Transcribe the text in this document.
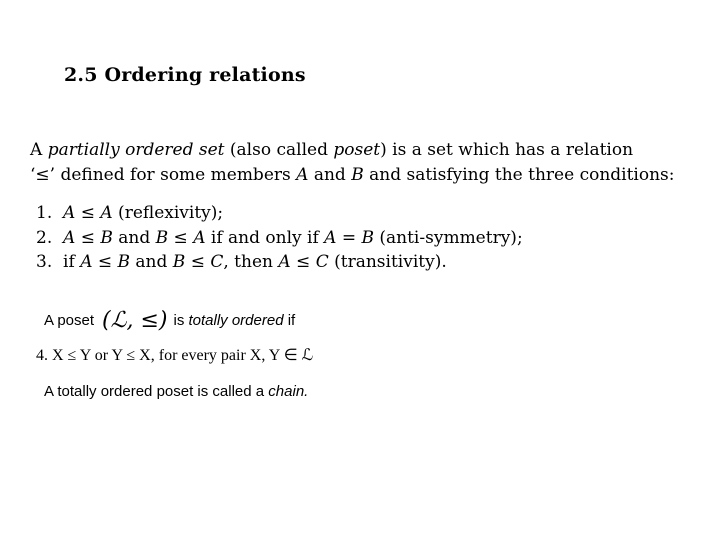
2.5 Ordering relations
A partially ordered set (also called poset) is a set which has a relation
‘≤’ defined for some members A and B and satisfying the three conditions:
1. A ≤ A (reflexivity);
2. A ≤ B and B ≤ A if and only if A = B (anti-symmetry);
3. if A ≤ B and B ≤ C, then A ≤ C (transitivity).
A poset (ℒ, ≤) is totally ordered if
4. X ≤ Y or Y ≤ X, for every pair X, Y ∈ ℒ
A totally ordered poset is called a chain.
